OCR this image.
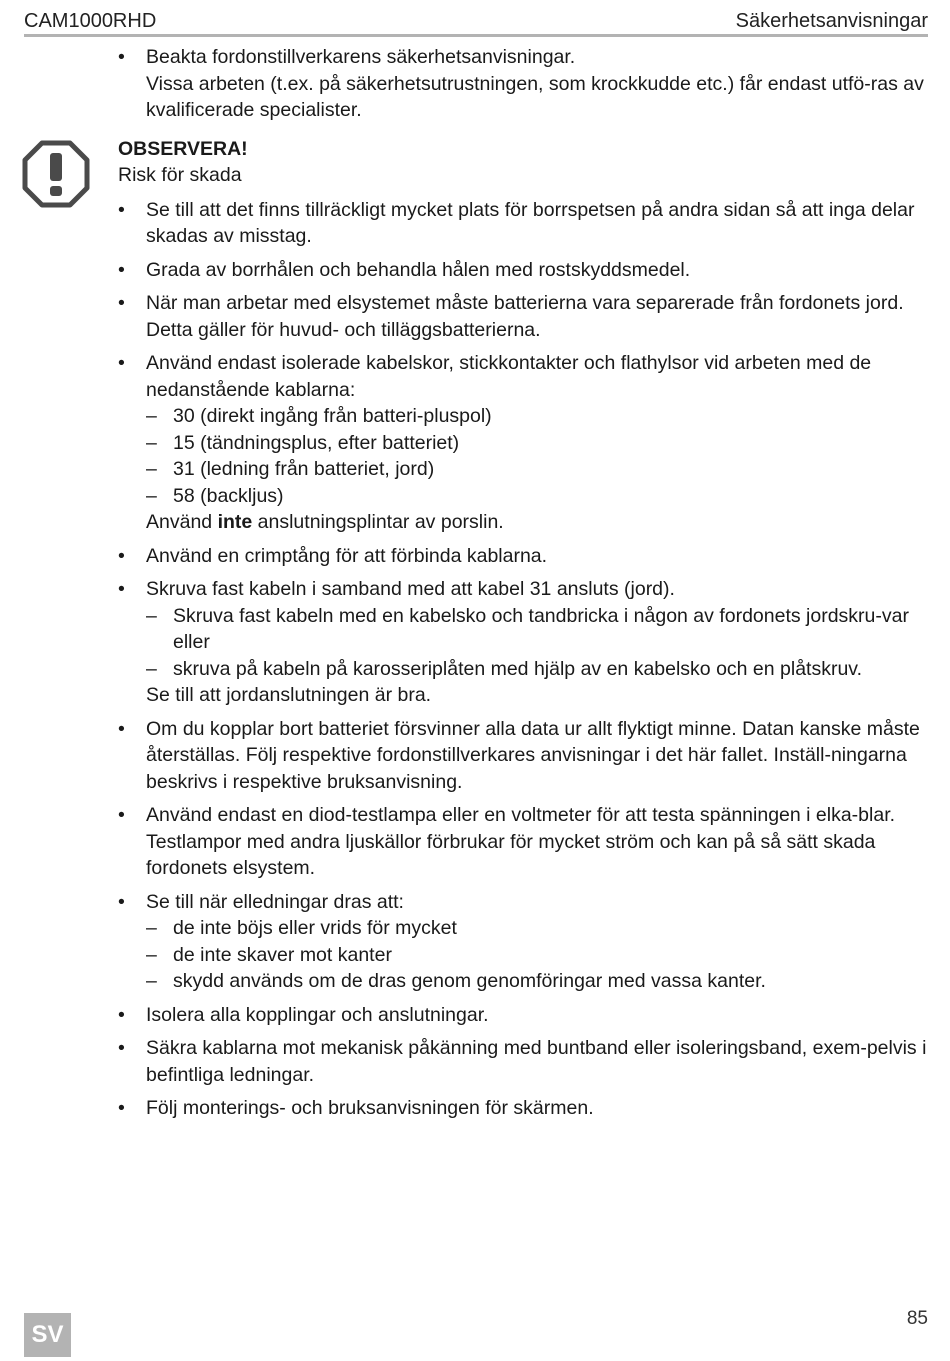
CAM1000RHD	Säkerhetsanvisningar
• Beakta fordonstillverkarens säkerhetsanvisningar.
Vissa arbeten (t.ex. på säkerhetsutrustningen, som krockkudde etc.) får endast utfö-ras av kvalificerade specialister.
OBSERVERA!
Risk för skada
• Se till att det finns tillräckligt mycket plats för borrspetsen på andra sidan så att inga delar skadas av misstag.
• Grada av borrhålen och behandla hålen med rostskyddsmedel.
• När man arbetar med elsystemet måste batterierna vara separerade från fordonets jord. Detta gäller för huvud- och tilläggsbatterierna.
• Använd endast isolerade kabelskor, stickkontakter och flathylsor vid arbeten med de nedanstående kablarna:
– 30 (direkt ingång från batteri-pluspol)
– 15 (tändningsplus, efter batteriet)
– 31 (ledning från batteriet, jord)
– 58 (backljus)
Använd inte anslutningsplintar av porslin.
• Använd en crimptång för att förbinda kablarna.
• Skruva fast kabeln i samband med att kabel 31 ansluts (jord).
– Skruva fast kabeln med en kabelsko och tandbricka i någon av fordonets jordskru-var eller
– skruva på kabeln på karosseriplåten med hjälp av en kabelsko och en plåtskruv.
Se till att jordanslutningen är bra.
• Om du kopplar bort batteriet försvinner alla data ur allt flyktigt minne. Datan kanske måste återställas. Följ respektive fordonstillverkares anvisningar i det här fallet. Inställ-ningarna beskrivs i respektive bruksanvisning.
• Använd endast en diod-testlampa eller en voltmeter för att testa spänningen i elka-blar.
Testlampor med andra ljuskällor förbrukar för mycket ström och kan på så sätt skada fordonets elsystem.
• Se till när elledningar dras att:
– de inte böjs eller vrids för mycket
– de inte skaver mot kanter
– skydd används om de dras genom genomföringar med vassa kanter.
• Isolera alla kopplingar och anslutningar.
• Säkra kablarna mot mekanisk påkänning med buntband eller isoleringsband, exem-pelvis i befintliga ledningar.
• Följ monterings- och bruksanvisningen för skärmen.
SV
85
